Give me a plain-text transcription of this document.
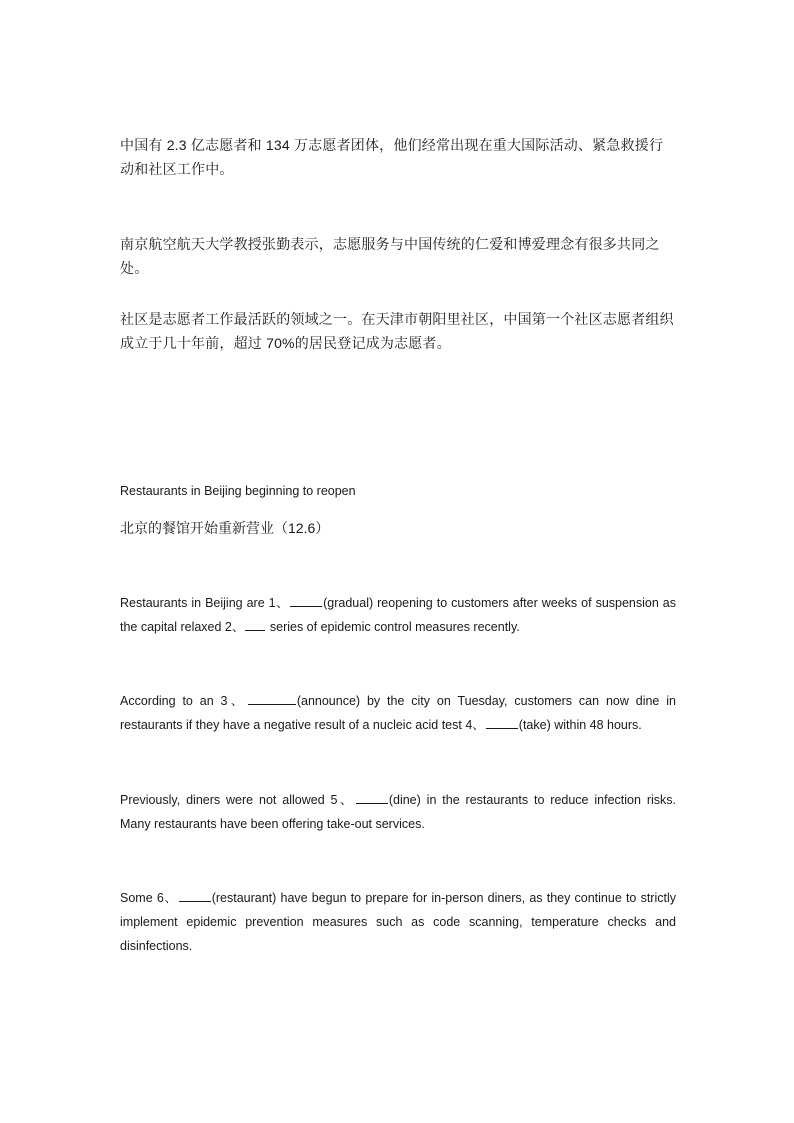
中国有 2.3 亿志愿者和 134 万志愿者团体，他们经常出现在重大国际活动、紧急救援行动和社区工作中。

南京航空航天大学教授张勤表示，志愿服务与中国传统的仁爱和博爱理念有很多共同之处。

社区是志愿者工作最活跃的领域之一。在天津市朝阳里社区，中国第一个社区志愿者组织成立于几十年前，超过 70%的居民登记成为志愿者。

Restaurants in Beijing beginning to reopen

北京的餐馆开始重新营业（12.6）

Restaurants in Beijing are 1、	(gradual) reopening to customers after weeks of suspension as the capital relaxed 2、 series of epidemic control measures recently.

According to an 3、	(announce) by the city on Tuesday, customers can now dine in restaurants if they have a negative result of a nucleic acid test 4、	(take) within 48 hours.

Previously, diners were not allowed 5、	(dine) in the restaurants to reduce infection risks. Many restaurants have been offering take-out services.

Some 6、	(restaurant) have begun to prepare for in-person diners, as they continue to strictly implement epidemic prevention measures such as code scanning, temperature checks and disinfections.
